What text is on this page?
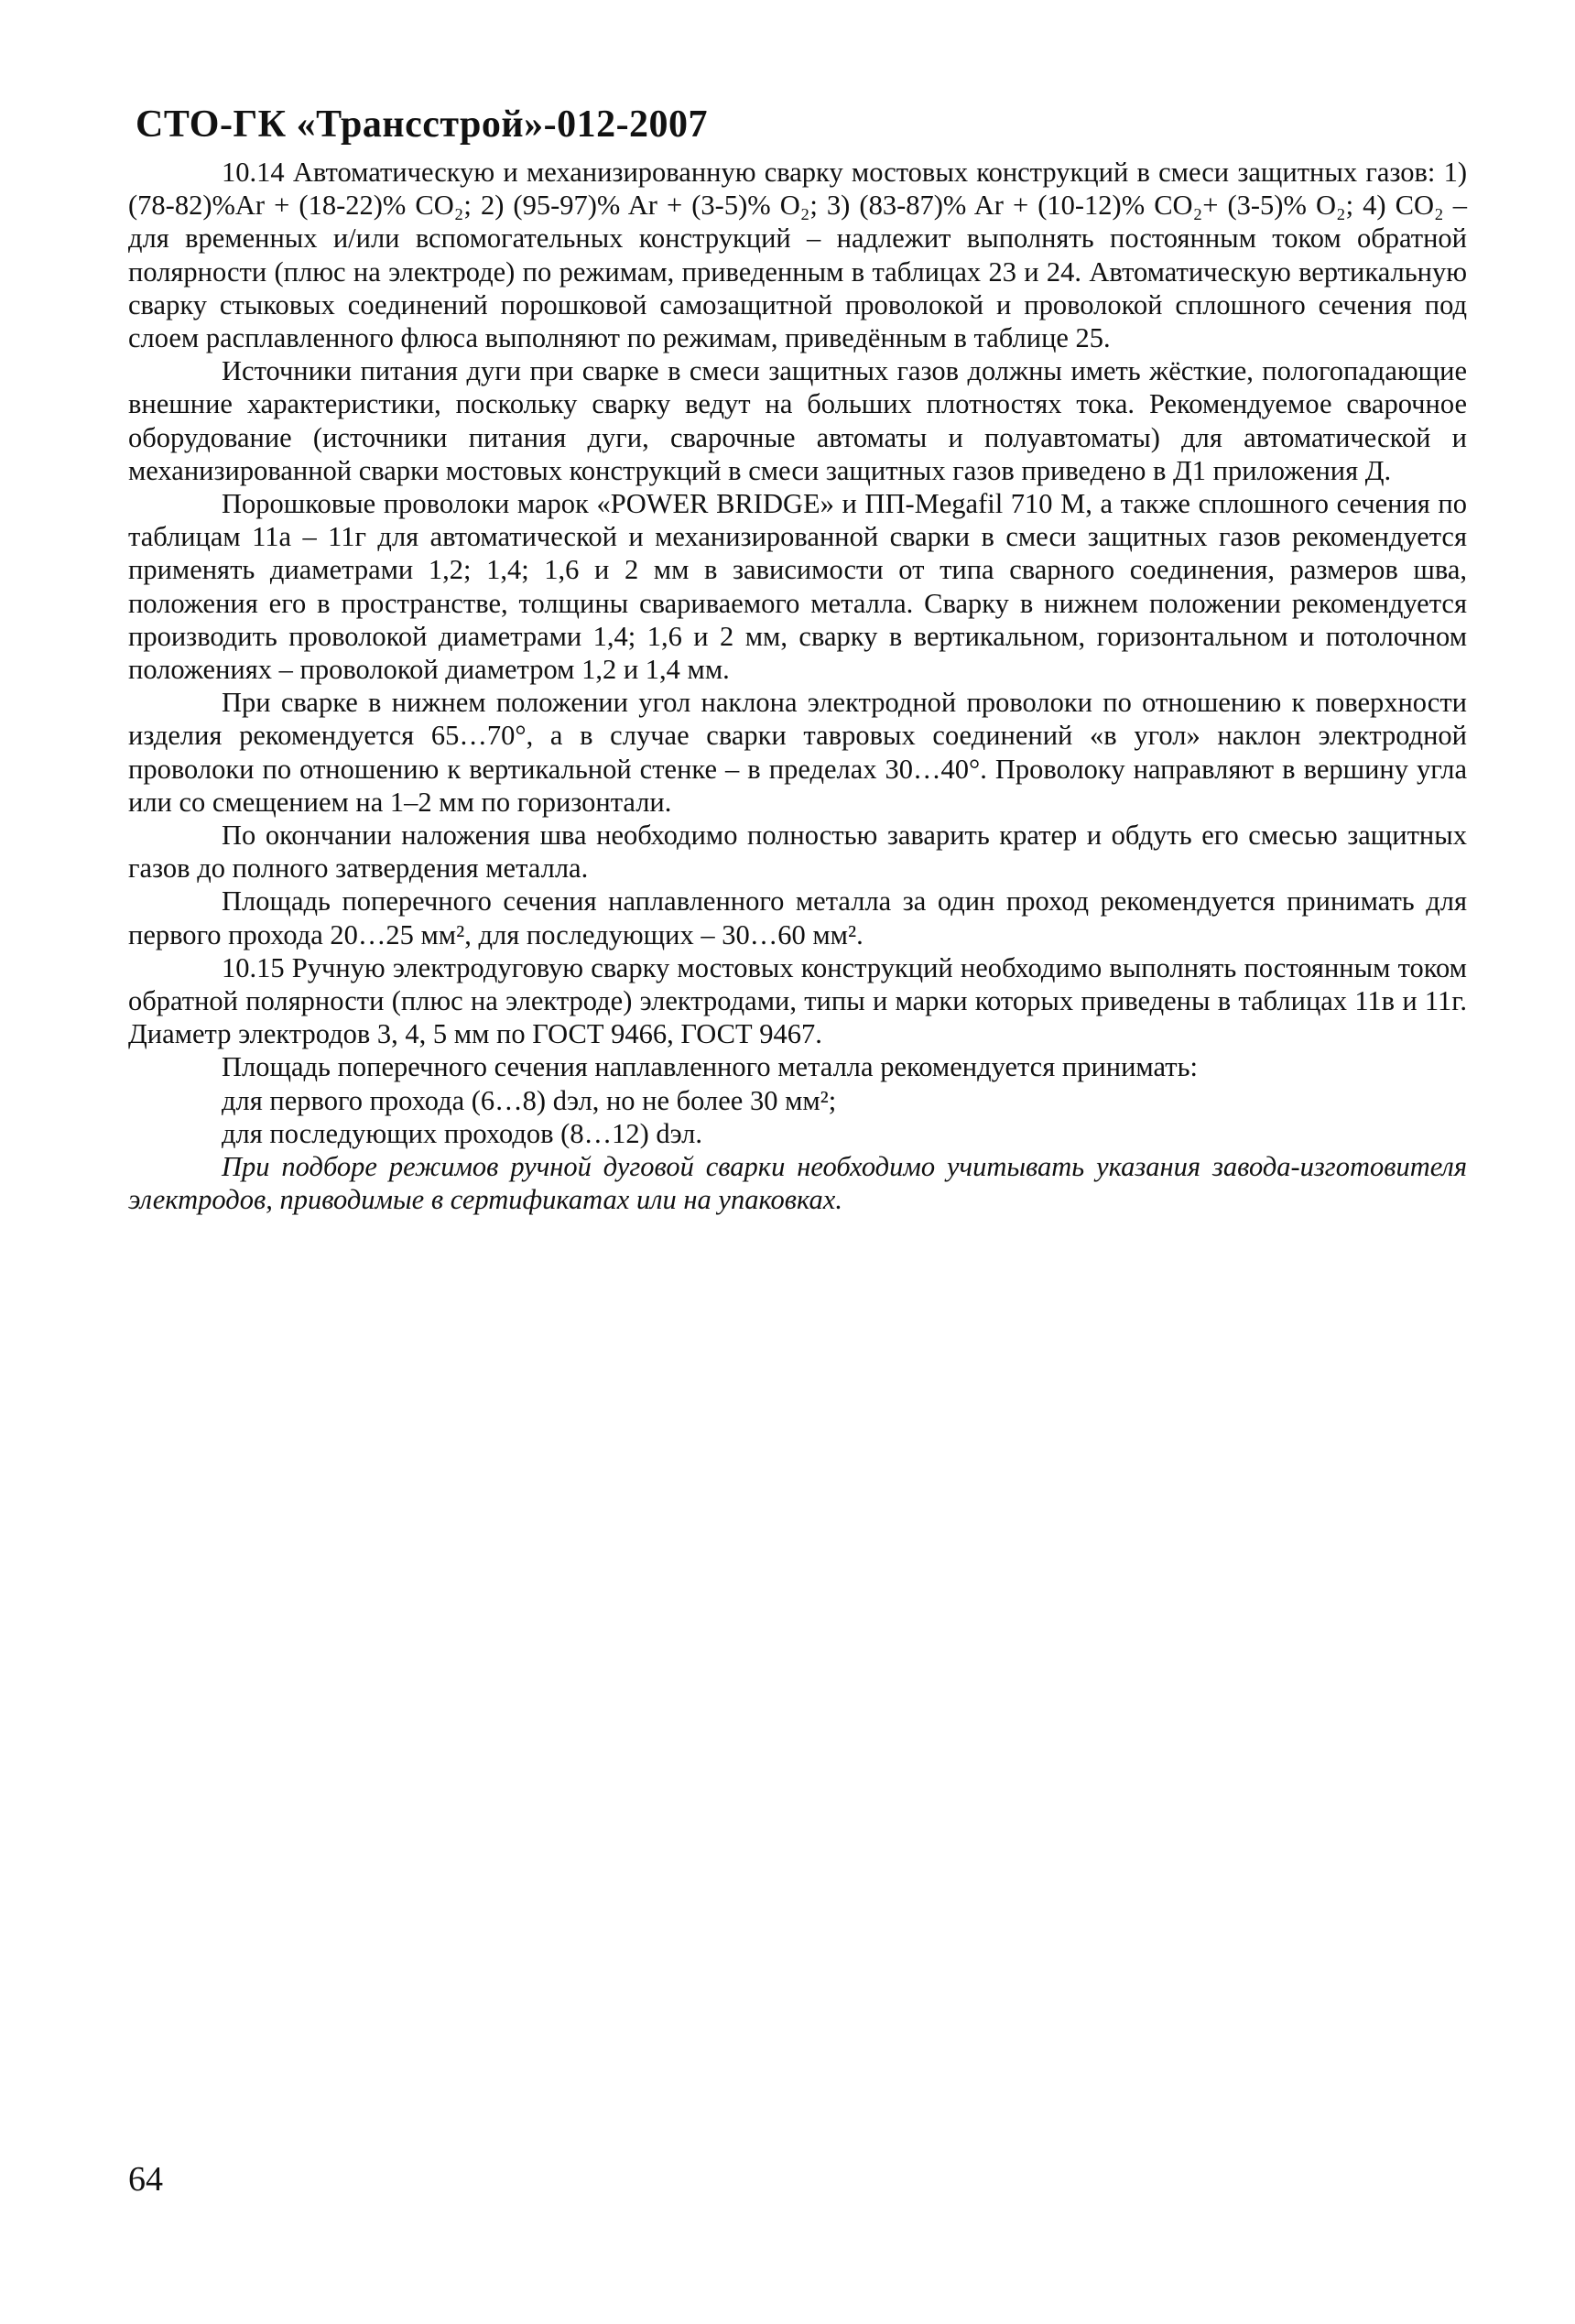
СТО-ГК «Трансстрой»-012-2007

10.14 Автоматическую и механизированную сварку мостовых конструкций в смеси защитных газов: 1) (78-82)%Ar + (18-22)% CO₂; 2) (95-97)% Ar + (3-5)% O₂; 3) (83-87)% Ar + (10-12)% CO₂+ (3-5)% O₂; 4) CO₂ – для временных и/или вспомогательных конструкций – надлежит выполнять постоянным током обратной полярности (плюс на электроде) по режимам, приведенным в таблицах 23 и 24. Автоматическую вертикальную сварку стыковых соединений порошковой самозащитной проволокой и проволокой сплошного сечения под слоем расплавленного флюса выполняют по режимам, приведённым в таблице 25.

Источники питания дуги при сварке в смеси защитных газов должны иметь жёсткие, пологопадающие внешние характеристики, поскольку сварку ведут на больших плотностях тока. Рекомендуемое сварочное оборудование (источники питания дуги, сварочные автоматы и полуавтоматы) для автоматической и механизированной сварки мостовых конструкций в смеси защитных газов приведено в Д1 приложения Д.

Порошковые проволоки марок «POWER BRIDGE» и ПП-Megafil 710 M, а также сплошного сечения по таблицам 11а – 11г для автоматической и механизированной сварки в смеси защитных газов рекомендуется применять диаметрами 1,2; 1,4; 1,6 и 2 мм в зависимости от типа сварного соединения, размеров шва, положения его в пространстве, толщины свариваемого металла. Сварку в нижнем положении рекомендуется производить проволокой диаметрами 1,4; 1,6 и 2 мм, сварку в вертикальном, горизонтальном и потолочном положениях – проволокой диаметром 1,2 и 1,4 мм.

При сварке в нижнем положении угол наклона электродной проволоки по отношению к поверхности изделия рекомендуется 65…70°, а в случае сварки тавровых соединений «в угол» наклон электродной проволоки по отношению к вертикальной стенке – в пределах 30…40°. Проволоку направляют в вершину угла или со смещением на 1–2 мм по горизонтали.

По окончании наложения шва необходимо полностью заварить кратер и обдуть его смесью защитных газов до полного затвердения металла.

Площадь поперечного сечения наплавленного металла за один проход рекомендуется принимать для первого прохода 20…25 мм², для последующих – 30…60 мм².

10.15 Ручную электродуговую сварку мостовых конструкций необходимо выполнять постоянным током обратной полярности (плюс на электроде) электродами, типы и марки которых приведены в таблицах 11в и 11г. Диаметр электродов 3, 4, 5 мм по ГОСТ 9466, ГОСТ 9467.

Площадь поперечного сечения наплавленного металла рекомендуется принимать:

для первого прохода (6…8) dэл, но не более 30 мм²;

для последующих проходов (8…12) dэл.

При подборе режимов ручной дуговой сварки необходимо учитывать указания завода-изготовителя электродов, приводимые в сертификатах или на упаковках.

64
